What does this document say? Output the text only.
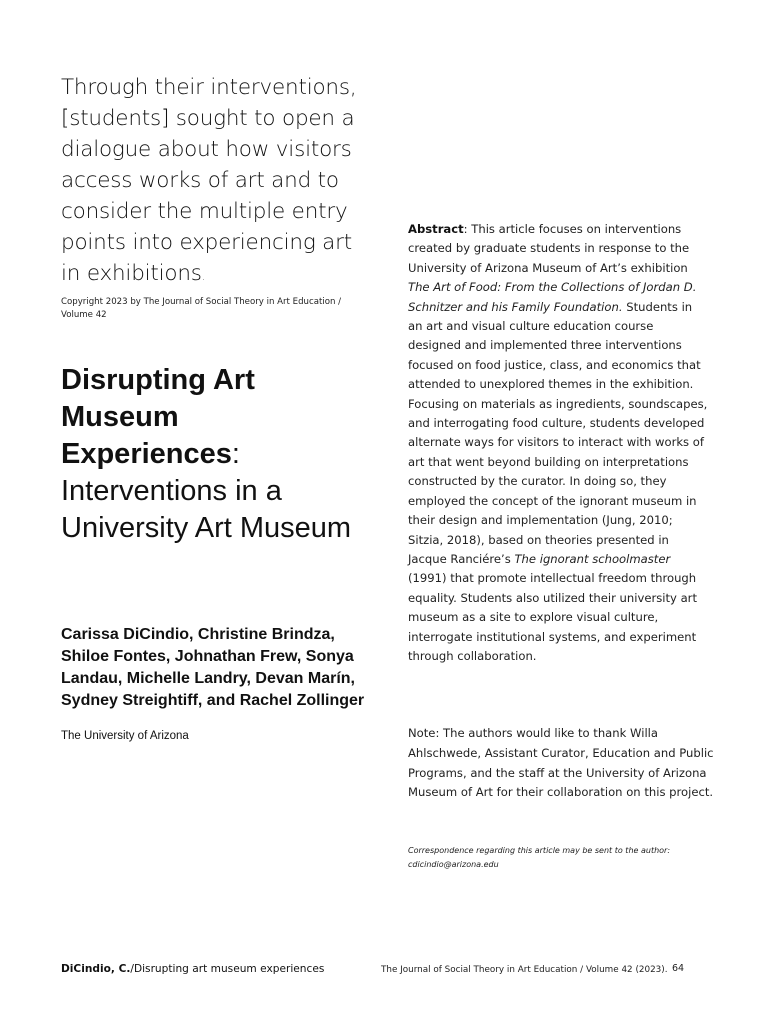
Through their interventions, [students] sought to open a dialogue about how visitors access works of art and to consider the multiple entry points into experiencing art in exhibitions.
Copyright 2023 by The Journal of Social Theory in Art Education / Volume 42
Disrupting Art Museum
Experiences:
Interventions in a University Art Museum
Carissa DiCindio, Christine Brindza, Shiloe Fontes, Johnathan Frew, Sonya Landau, Michelle Landry, Devan Marín, Sydney Streightiff, and Rachel Zollinger
The University of Arizona
Abstract: This article focuses on interventions created by graduate students in response to the University of Arizona Museum of Art’s exhibition The Art of Food: From the Collections of Jordan D. Schnitzer and his Family Foundation. Students in an art and visual culture education course designed and implemented three interventions focused on food justice, class, and economics that attended to unexplored themes in the exhibition. Focusing on materials as ingredients, soundscapes, and interrogating food culture, students developed alternate ways for visitors to interact with works of art that went beyond building on interpretations constructed by the curator. In doing so, they employed the concept of the ignorant museum in their design and implementation (Jung, 2010; Sitzia, 2018), based on theories presented in Jacque Ranciére’s The ignorant schoolmaster (1991) that promote intellectual freedom through equality. Students also utilized their university art museum as a site to explore visual culture, interrogate institutional systems, and experiment through collaboration.
Note: The authors would like to thank Willa Ahlschwede, Assistant Curator, Education and Public Programs, and the staff at the University of Arizona Museum of Art for their collaboration on this project.
Correspondence regarding this article may be sent to the author:
cdicindio@arizona.edu
DiCindio, C./Disrupting art museum experiences	The Journal of Social Theory in Art Education / Volume 42 (2023). 64
